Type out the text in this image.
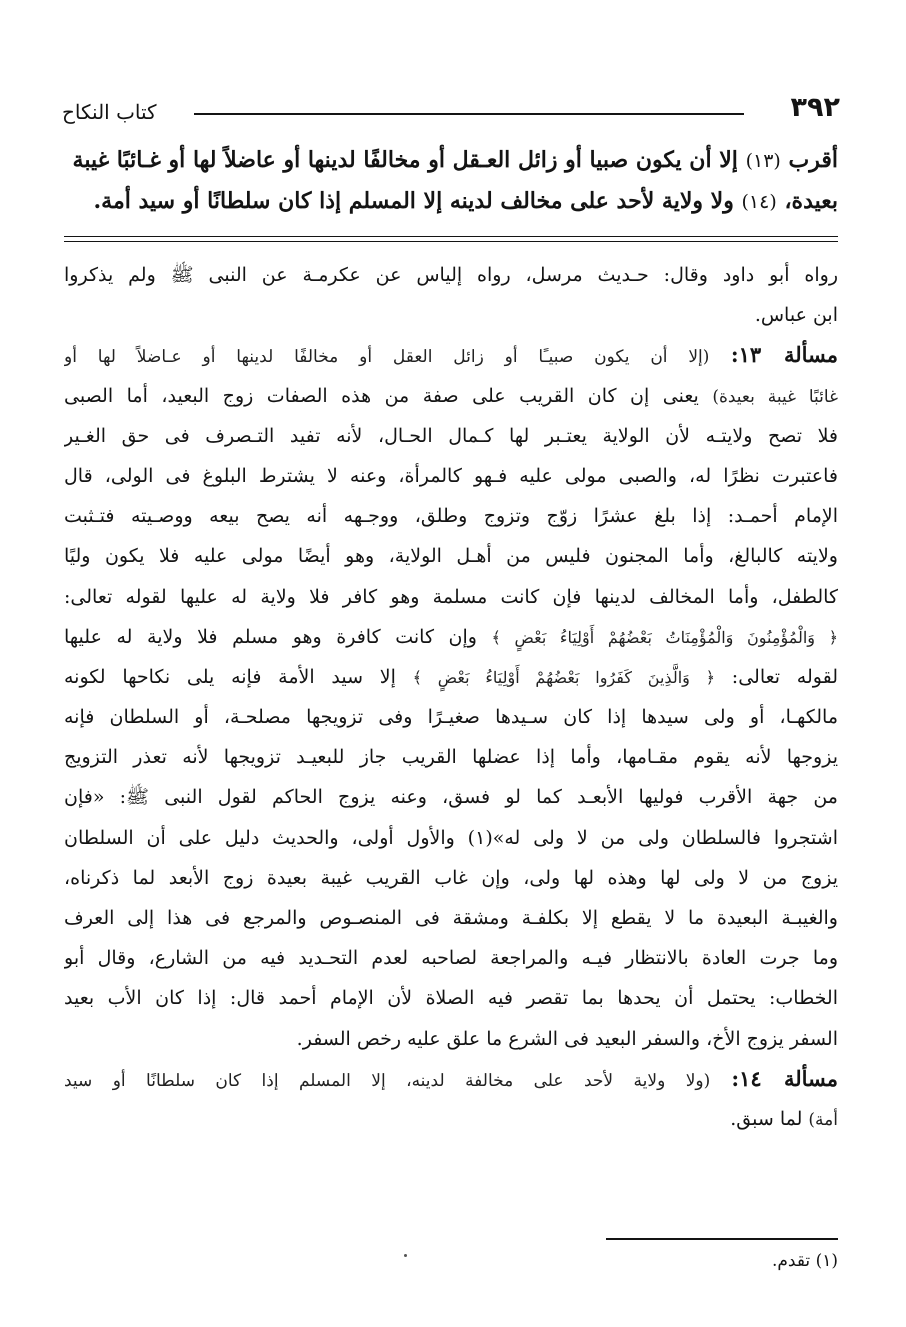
٣٩٢
كتاب النكاح
أقرب (١٣) إلا أن يكون صبيا أو زائل العـقل أو مخالفًا لدينها أو عاضلاً لها أو غـائبًا غيبة
بعيدة، (١٤) ولا ولاية لأحد على مخالف لدينه إلا المسلم إذا كان سلطانًا أو سيد أمة.
رواه أبو داود وقال: حـديث مرسل، رواه إلياس عن عكرمـة عن النبى ﷺ ولم يذكروا
ابن عباس.
مسألة ١٣: (إلا أن يكون صبيـًا أو زائل العقل أو مخالفًا لدينها أو عـاضلاً لها أو
غائبًا غيبة بعيدة) يعنى إن كان القريب على صفة من هذه الصفات زوج البعيد، أما الصبى
فلا تصح ولايتـه لأن الولاية يعتـبر لها كـمال الحـال، لأنه تفيد التـصرف فى حق الغـير
فاعتبرت نظرًا له، والصبى مولى عليه فـهو كالمرأة، وعنه لا يشترط البلوغ فى الولى، قال
الإمام أحمـد: إذا بلغ عشرًا زوّج وتزوج وطلق، ووجـهه أنه يصح بيعه ووصـيته فتـثبت
ولايته كالبالغ، وأما المجنون فليس من أهـل الولاية، وهو أيضًا مولى عليه فلا يكون وليًا
كالطفل، وأما المخالف لدينها فإن كانت مسلمة وهو كافر فلا ولاية له عليها لقوله تعالى:
﴿ وَالْمُؤْمِنُونَ وَالْمُؤْمِنَاتُ بَعْضُهُمْ أَوْلِيَاءُ بَعْضٍ ﴾ وإن كانت كافرة وهو مسلم فلا ولاية له عليها
لقوله تعالى: ﴿ وَالَّذِينَ كَفَرُوا بَعْضُهُمْ أَوْلِيَاءُ بَعْضٍ ﴾ إلا سيد الأمة فإنه يلى نكاحها لكونه
مالكهـا، أو ولى سيدها إذا كان سـيدها صغيـرًا وفى تزويجها مصلحـة، أو السلطان فإنه
يزوجها لأنه يقوم مقـامها، وأما إذا عضلها القريب جاز للبعيـد تزويجها لأنه تعذر التزويج
من جهة الأقرب فوليها الأبعـد كما لو فسق، وعنه يزوج الحاكم لقول النبى ﷺ: «فإن
اشتجروا فالسلطان ولى من لا ولى له»(١) والأول أولى، والحديث دليل على أن السلطان
يزوج من لا ولى لها وهذه لها ولى، وإن غاب القريب غيبة بعيدة زوج الأبعد لما ذكرناه،
والغيبـة البعيدة ما لا يقطع إلا بكلفـة ومشقة فى المنصـوص والمرجع فى هذا إلى العرف
وما جرت العادة بالانتظار فيـه والمراجعة لصاحبه لعدم التحـديد فيه من الشارع، وقال أبو
الخطاب: يحتمل أن يحدها بما تقصر فيه الصلاة لأن الإمام أحمد قال: إذا كان الأب بعيد
السفر يزوج الأخ، والسفر البعيد فى الشرع ما علق عليه رخص السفر.
مسألة ١٤: (ولا ولاية لأحد على مخالفة لدينه، إلا المسلم إذا كان سلطانًا أو سيد
أمة) لما سبق.
(١) تقدم.
